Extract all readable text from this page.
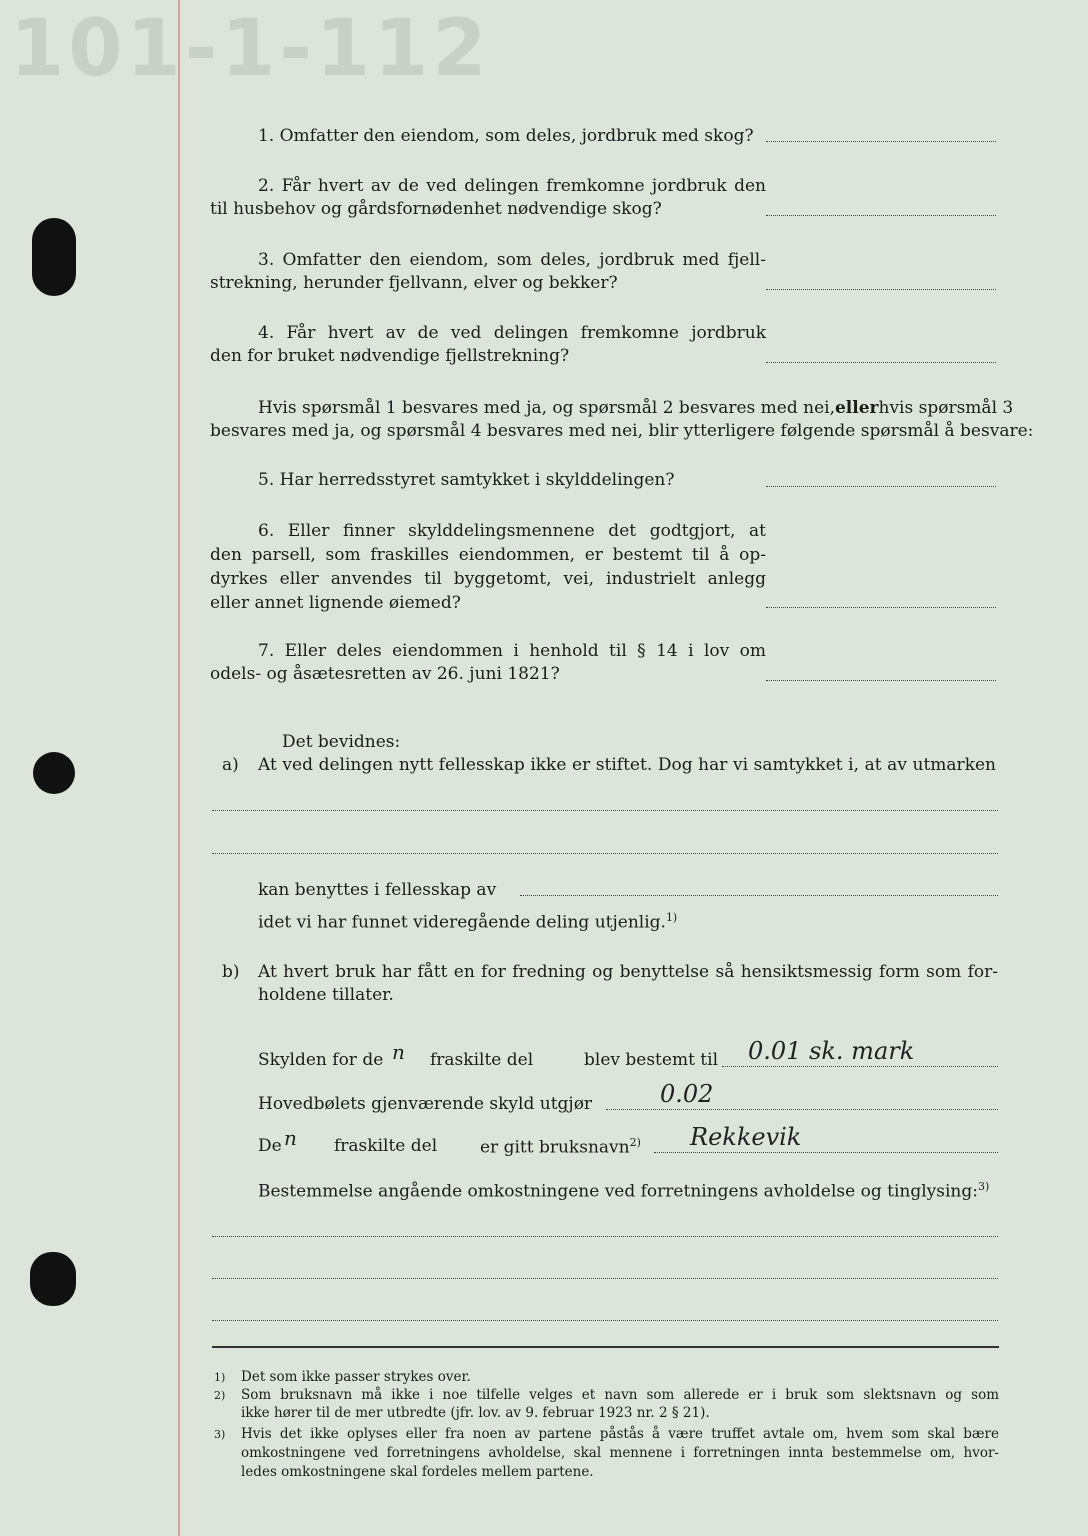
101-1-112
1. Omfatter den eiendom, som deles, jordbruk med skog?
2. Får hvert av de ved delingen fremkomne jordbruk den
til husbehov og gårdsfornødenhet nødvendige skog?
3. Omfatter den eiendom, som deles, jordbruk med fjell-
strekning, herunder fjellvann, elver og bekker?
4. Får hvert av de ved delingen fremkomne jordbruk
den for bruket nødvendige fjellstrekning?
Hvis spørsmål 1 besvares med ja, og spørsmål 2 besvares med nei, eller hvis spørsmål 3
besvares med ja, og spørsmål 4 besvares med nei, blir ytterligere følgende spørsmål å besvare:
5. Har herredsstyret samtykket i skylddelingen?
6. Eller finner skylddelingsmennene det godtgjort, at
den parsell, som fraskilles eiendommen, er bestemt til å op-
dyrkes eller anvendes til byggetomt, vei, industrielt anlegg
eller annet lignende øiemed?
7. Eller deles eiendommen i henhold til § 14 i lov om
odels- og åsætesretten av 26. juni 1821?
Det bevidnes:
a) At ved delingen nytt fellesskap ikke er stiftet. Dog har vi samtykket i, at av utmarken
kan benyttes i fellesskap av
idet vi har funnet videregående deling utjenlig.$^{1)}$
b) At hvert bruk har fått en for fredning og benyttelse så hensiktsmessig form som for-
holdene tillater.
Skylden for de n fraskilte del	blev bestemt til 0.01 sk. mark
Hovedbølets gjenværende skyld utgjør	0.02
De n fraskilte del	er gitt bruksnavn$^{2)}$ Rekkevik
Bestemmelse angående omkostningene ved forretningens avholdelse og tinglysing:$^{3)}$
1) Det som ikke passer strykes over.
2) Som bruksnavn må ikke i noe tilfelle velges et navn som allerede er i bruk som slektsnavn og som
ikke hører til de mer utbredte (jfr. lov. av 9. februar 1923 nr. 2 § 21).
3) Hvis det ikke oplyses eller fra noen av partene påstås å være truffet avtale om, hvem som skal bære
omkostningene ved forretningens avholdelse, skal mennene i forretningen innta bestemmelse om, hvor-
ledes omkostningene skal fordeles mellem partene.
